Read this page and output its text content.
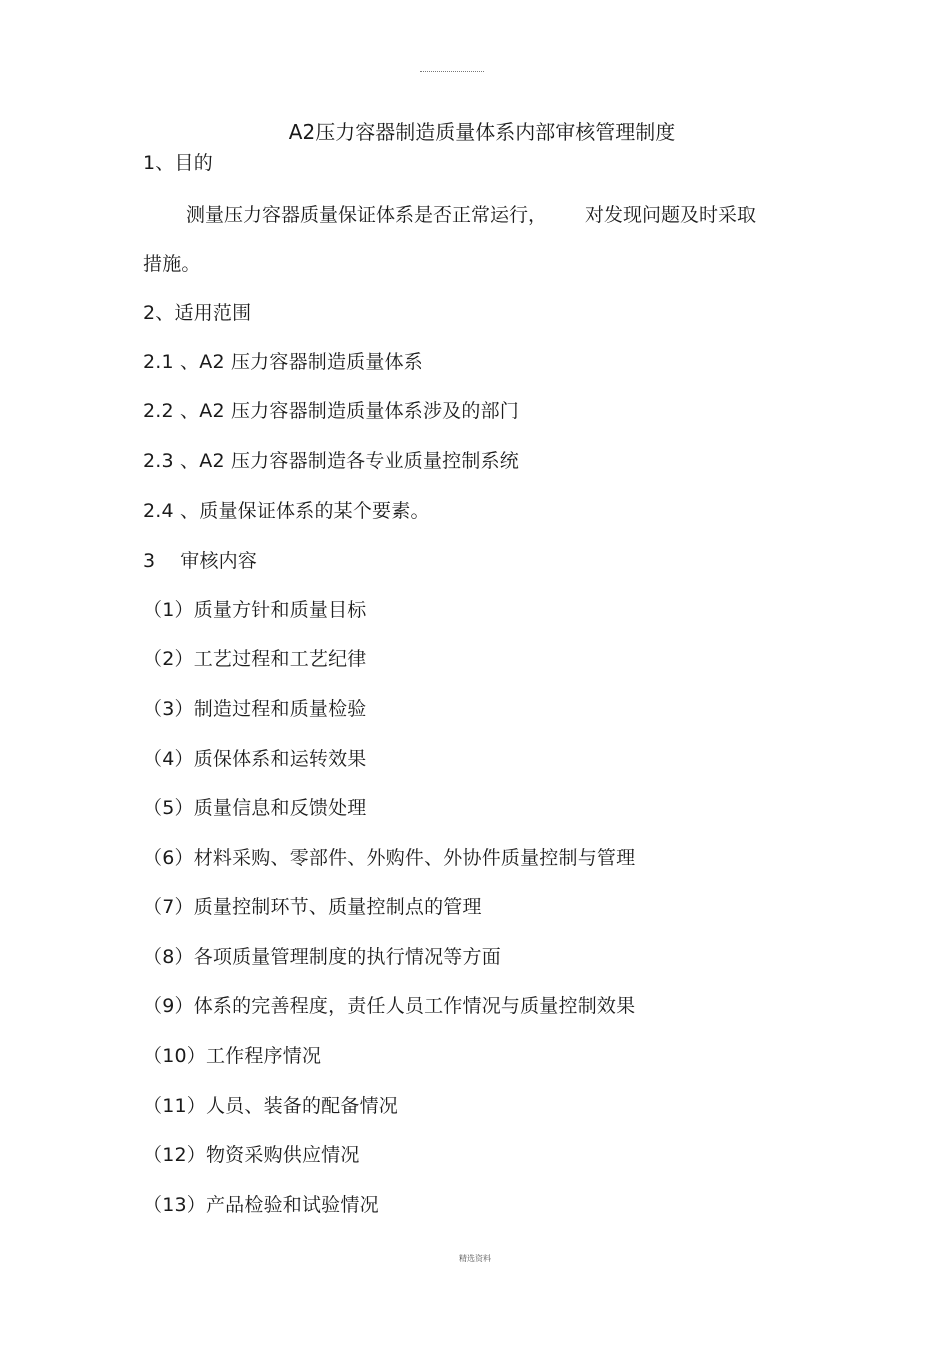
A2压力容器制造质量体系内部审核管理制度
1、目的
测量压力容器质量保证体系是否正常运行， 对发现问题及时采取
措施。
2、适用范围
2.1 、A2 压力容器制造质量体系
2.2 、A2 压力容器制造质量体系涉及的部门
2.3 、A2 压力容器制造各专业质量控制系统
2.4 、质量保证体系的某个要素。
3    审核内容
（1）质量方针和质量目标
（2）工艺过程和工艺纪律
（3）制造过程和质量检验
（4）质保体系和运转效果
（5）质量信息和反馈处理
（6）材料采购、零部件、外购件、外协件质量控制与管理
（7）质量控制环节、质量控制点的管理
（8）各项质量管理制度的执行情况等方面
（9）体系的完善程度，责任人员工作情况与质量控制效果
（10）工作程序情况
（11）人员、装备的配备情况
（12）物资采购供应情况
（13）产品检验和试验情况
精选资料
